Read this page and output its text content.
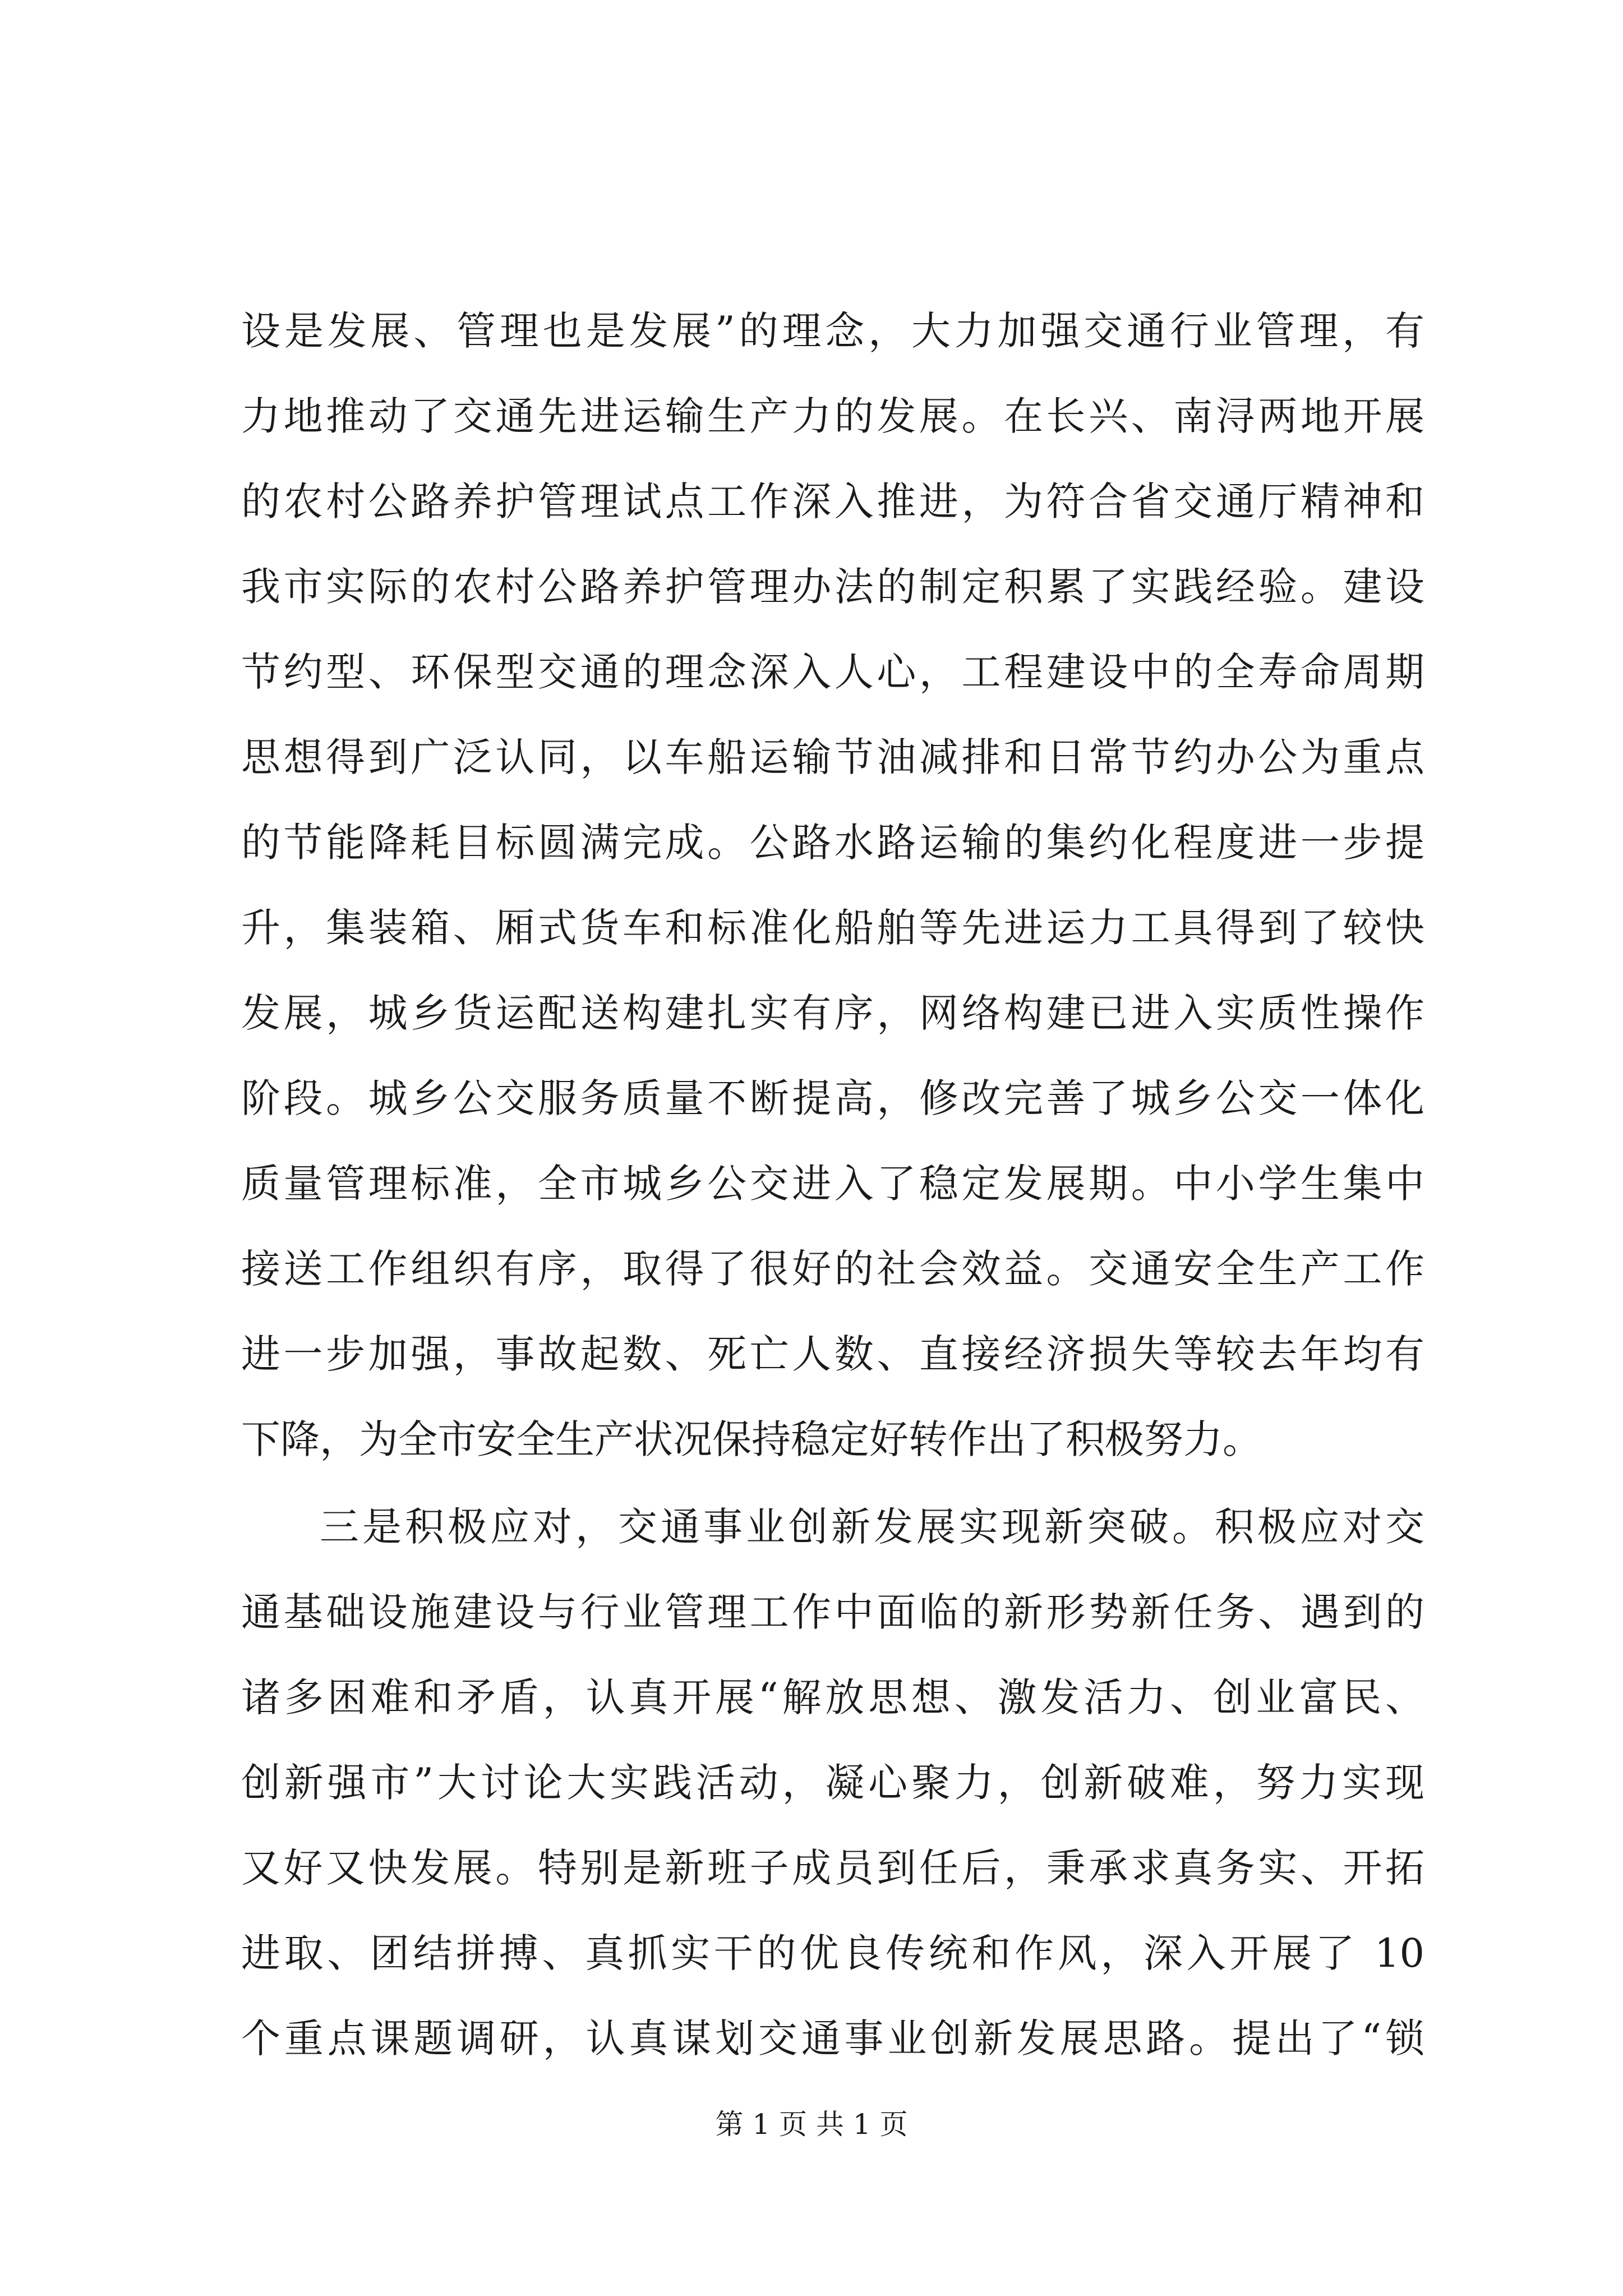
设是发展、管理也是发展”的理念，大力加强交通行业管理，有
力地推动了交通先进运输生产力的发展。在长兴、南浔两地开展
的农村公路养护管理试点工作深入推进，为符合省交通厅精神和
我市实际的农村公路养护管理办法的制定积累了实践经验。建设
节约型、环保型交通的理念深入人心，工程建设中的全寿命周期
思想得到广泛认同，以车船运输节油减排和日常节约办公为重点
的节能降耗目标圆满完成。公路水路运输的集约化程度进一步提
升，集装箱、厢式货车和标准化船舶等先进运力工具得到了较快
发展，城乡货运配送构建扎实有序，网络构建已进入实质性操作
阶段。城乡公交服务质量不断提高，修改完善了城乡公交一体化
质量管理标准，全市城乡公交进入了稳定发展期。中小学生集中
接送工作组织有序，取得了很好的社会效益。交通安全生产工作
进一步加强，事故起数、死亡人数、直接经济损失等较去年均有
下降，为全市安全生产状况保持稳定好转作出了积极努力。
三是积极应对，交通事业创新发展实现新突破。积极应对交
通基础设施建设与行业管理工作中面临的新形势新任务、遇到的
诸多困难和矛盾，认真开展“解放思想、激发活力、创业富民、
创新强市”大讨论大实践活动，凝心聚力，创新破难，努力实现
又好又快发展。特别是新班子成员到任后，秉承求真务实、开拓
进取、团结拼搏、真抓实干的优良传统和作风，深入开展了 10
个重点课题调研，认真谋划交通事业创新发展思路。提出了“锁
第 1 页 共 1 页
